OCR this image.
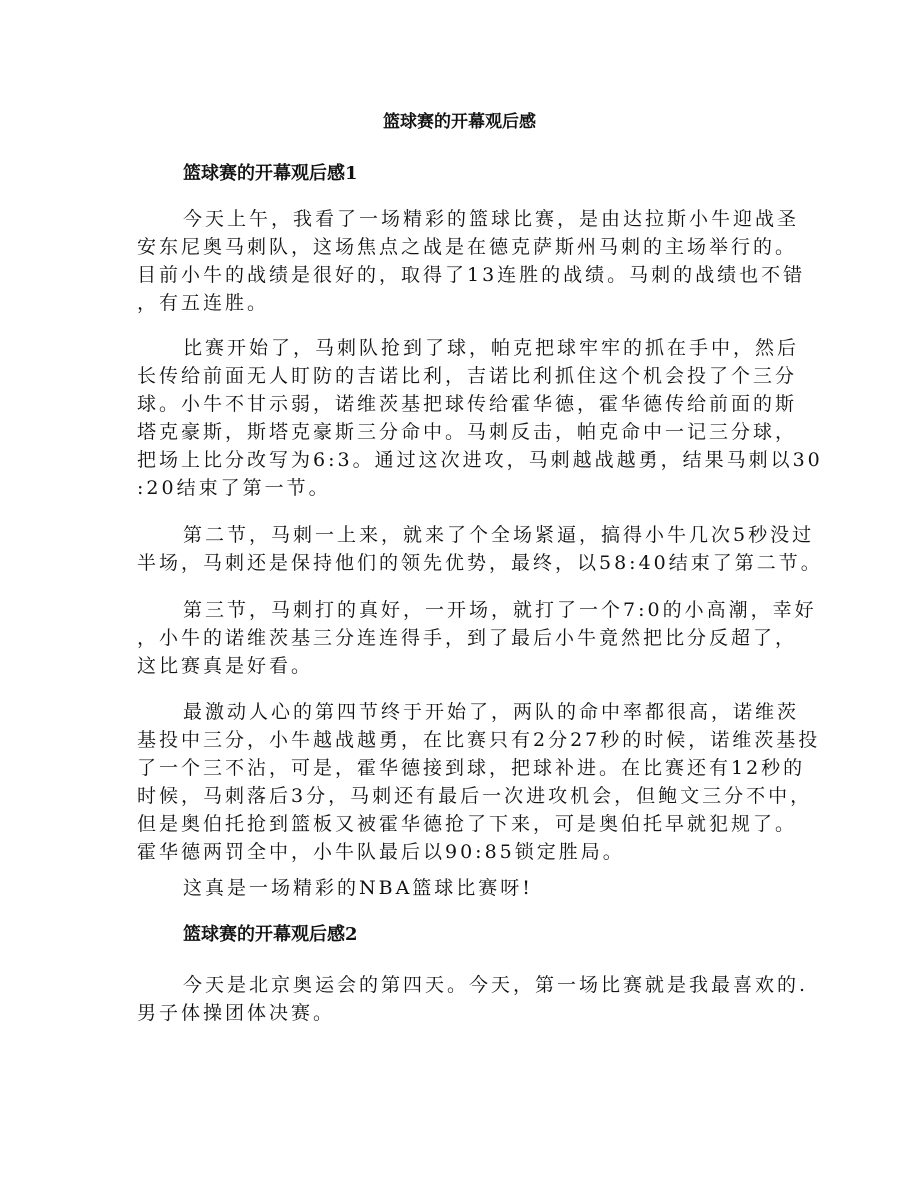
篮球赛的开幕观后感
篮球赛的开幕观后感1
今天上午，我看了一场精彩的篮球比赛，是由达拉斯小牛迎战圣
安东尼奥马刺队，这场焦点之战是在德克萨斯州马刺的主场举行的。
目前小牛的战绩是很好的，取得了13连胜的战绩。马刺的战绩也不错
，有五连胜。
比赛开始了，马刺队抢到了球，帕克把球牢牢的抓在手中，然后
长传给前面无人盯防的吉诺比利，吉诺比利抓住这个机会投了个三分
球。小牛不甘示弱，诺维茨基把球传给霍华德，霍华德传给前面的斯
塔克豪斯，斯塔克豪斯三分命中。马刺反击，帕克命中一记三分球，
把场上比分改写为6:3。通过这次进攻，马刺越战越勇，结果马刺以30
:20结束了第一节。
第二节，马刺一上来，就来了个全场紧逼，搞得小牛几次5秒没过
半场，马刺还是保持他们的领先优势，最终，以58:40结束了第二节。
第三节，马刺打的真好，一开场，就打了一个7:0的小高潮，幸好
，小牛的诺维茨基三分连连得手，到了最后小牛竟然把比分反超了，
这比赛真是好看。
最激动人心的第四节终于开始了，两队的命中率都很高，诺维茨
基投中三分，小牛越战越勇，在比赛只有2分27秒的时候，诺维茨基投
了一个三不沾，可是，霍华德接到球，把球补进。在比赛还有12秒的
时候，马刺落后3分，马刺还有最后一次进攻机会，但鲍文三分不中，
但是奥伯托抢到篮板又被霍华德抢了下来，可是奥伯托早就犯规了。
霍华德两罚全中，小牛队最后以90:85锁定胜局。
这真是一场精彩的NBA篮球比赛呀!
篮球赛的开幕观后感2
今天是北京奥运会的第四天。今天，第一场比赛就是我最喜欢的.
男子体操团体决赛。
